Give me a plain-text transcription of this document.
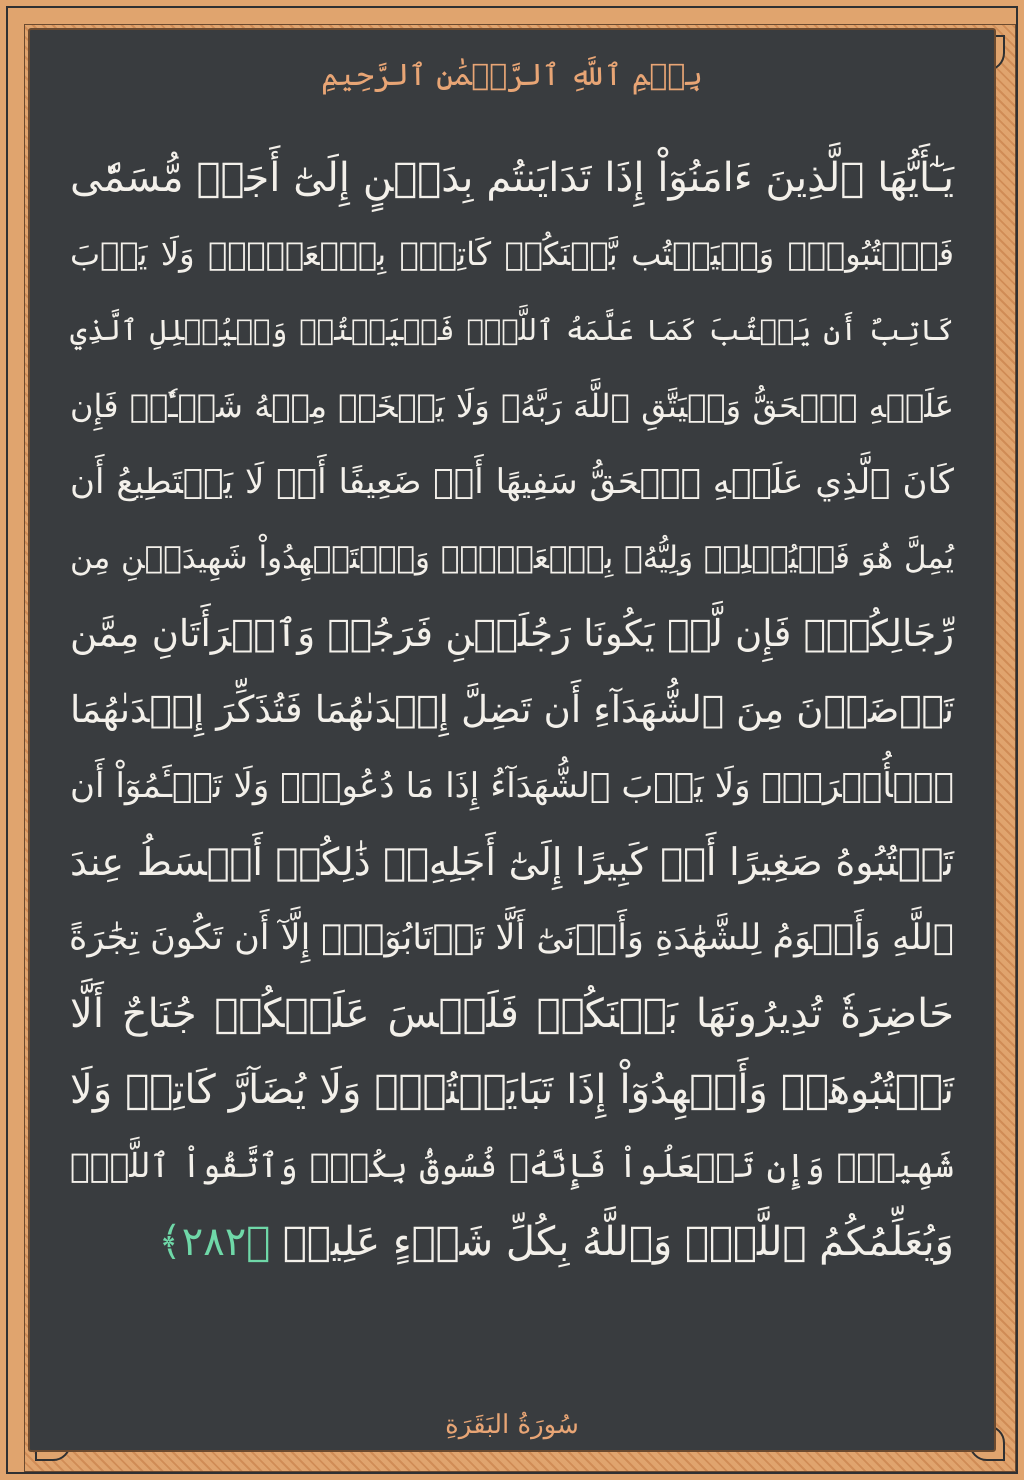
بِسۡمِ ٱللَّهِ ٱلرَّحۡمَٰنِ ٱلرَّحِيمِ
يَـٰٓأَيُّهَا ٱلَّذِينَ ءَامَنُوٓاْ إِذَا تَدَايَنتُم بِدَيۡنٍ إِلَىٰٓ أَجَلٖ مُّسَمّٗى
فَٱكۡتُبُوهُۚ وَلۡيَكۡتُب بَّيۡنَكُمۡ كَاتِبُۢ بِٱلۡعَدۡلِۚ وَلَا يَأۡبَ
كَاتِبٌ أَن يَكۡتُبَ كَمَا عَلَّمَهُ ٱللَّهُۚ فَلۡيَكۡتُبۡ وَلۡيُمۡلِلِ ٱلَّذِي
عَلَيۡهِ ٱلۡحَقُّ وَلۡيَتَّقِ ٱللَّهَ رَبَّهُۥ وَلَا يَبۡخَسۡ مِنۡهُ شَيۡـٔٗاۚ فَإِن
كَانَ ٱلَّذِي عَلَيۡهِ ٱلۡحَقُّ سَفِيهًا أَوۡ ضَعِيفًا أَوۡ لَا يَسۡتَطِيعُ أَن
يُمِلَّ هُوَ فَلۡيُمۡلِلۡ وَلِيُّهُۥ بِٱلۡعَدۡلِۚ وَٱسۡتَشۡهِدُواْ شَهِيدَيۡنِ مِن
رِّجَالِكُمۡۖ فَإِن لَّمۡ يَكُونَا رَجُلَيۡنِ فَرَجُلٞ وَٱمۡرَأَتَانِ مِمَّن
تَرۡضَوۡنَ مِنَ ٱلشُّهَدَآءِ أَن تَضِلَّ إِحۡدَىٰهُمَا فَتُذَكِّرَ إِحۡدَىٰهُمَا
ٱلۡأُخۡرَىٰۚ وَلَا يَأۡبَ ٱلشُّهَدَآءُ إِذَا مَا دُعُواْۚ وَلَا تَسۡـَٔمُوٓاْ أَن
تَكۡتُبُوهُ صَغِيرًا أَوۡ كَبِيرًا إِلَىٰٓ أَجَلِهِۦۚ ذَٰلِكُمۡ أَقۡسَطُ عِندَ
ٱللَّهِ وَأَقۡوَمُ لِلشَّهَٰدَةِ وَأَدۡنَىٰٓ أَلَّا تَرۡتَابُوٓاْۖ إِلَّآ أَن تَكُونَ تِجَٰرَةً
حَاضِرَةٗ تُدِيرُونَهَا بَيۡنَكُمۡ فَلَيۡسَ عَلَيۡكُمۡ جُنَاحٌ أَلَّا
تَكۡتُبُوهَاۗ وَأَشۡهِدُوٓاْ إِذَا تَبَايَعۡتُمۡۚ وَلَا يُضَآرَّ كَاتِبٞ وَلَا
شَهِيدٞۚ وَإِن تَفۡعَلُواْ فَإِنَّهُۥ فُسُوقُۢ بِكُمۡۗ وَٱتَّقُواْ ٱللَّهَۖ
وَيُعَلِّمُكُمُ ٱللَّهُۗ وَٱللَّهُ بِكُلِّ شَيۡءٍ عَلِيمٞ ﴿٢٨٢﴾
سُورَةُ البَقَرَةِ
